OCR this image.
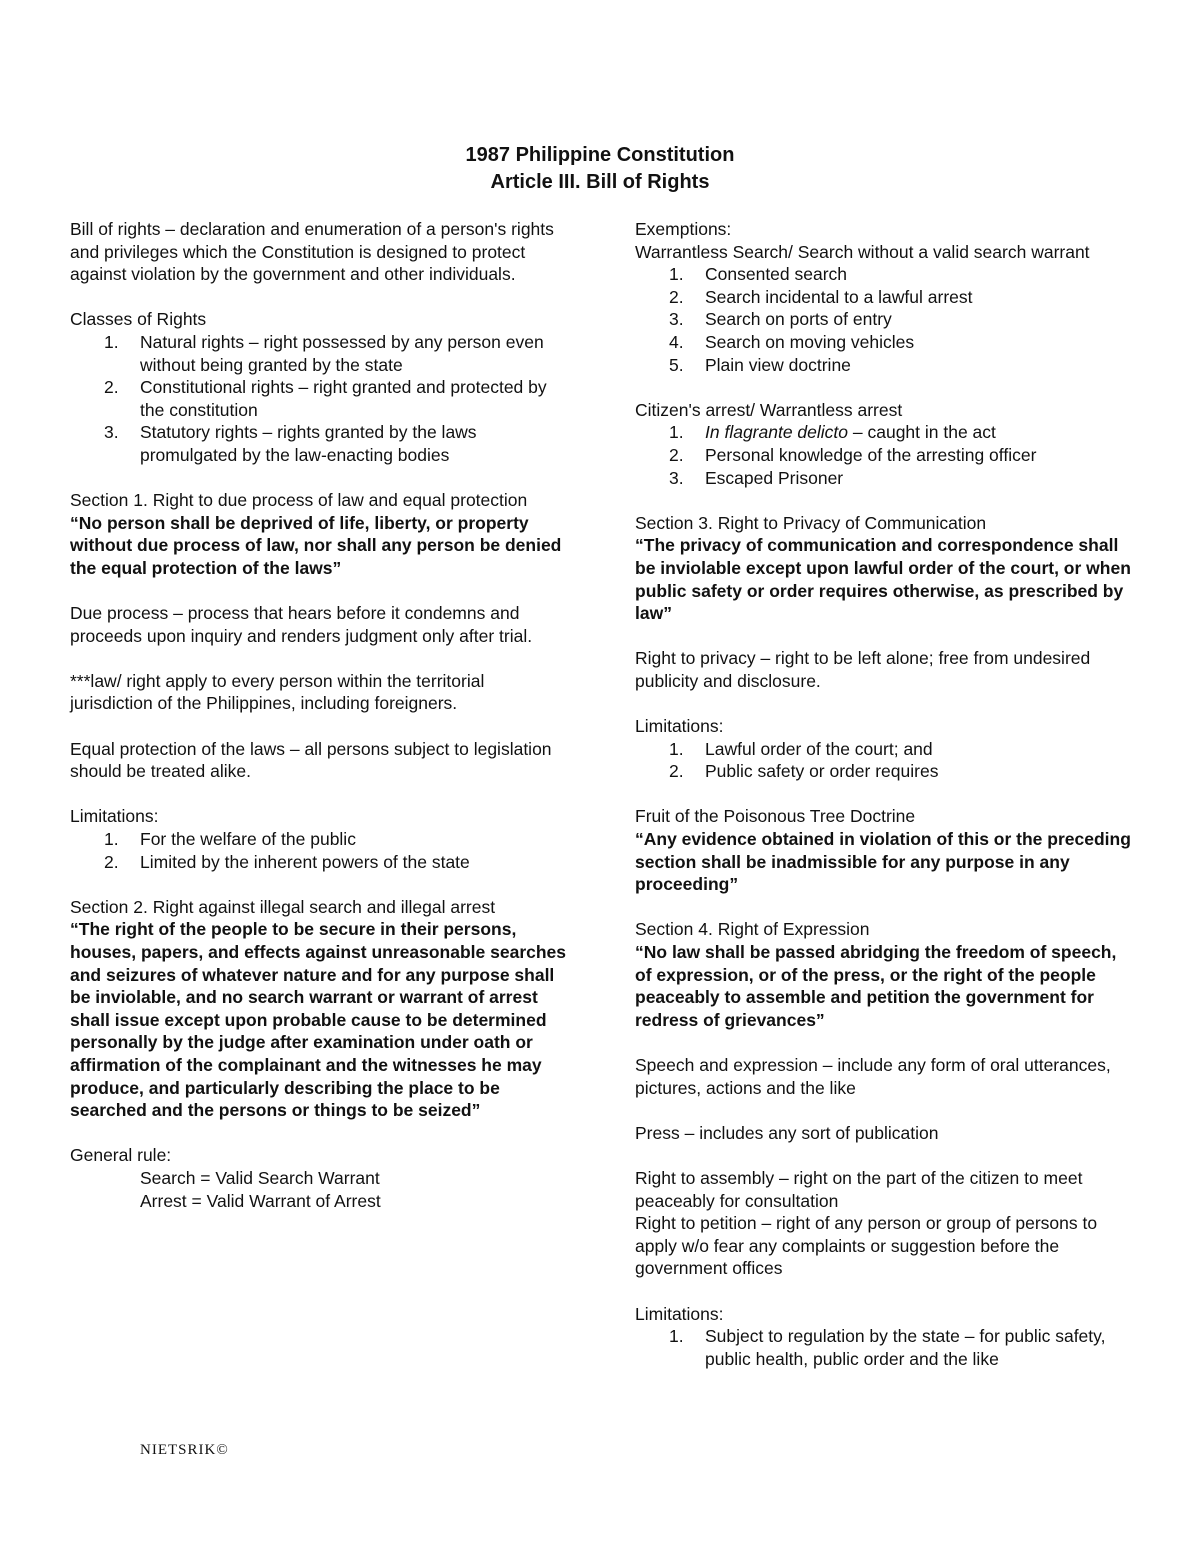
1987 Philippine Constitution
Article III. Bill of Rights

Bill of rights – declaration and enumeration of a person's rights and privileges which the Constitution is designed to protect against violation by the government and other individuals.

Classes of Rights

1. Natural rights – right possessed by any person even without being granted by the state
2. Constitutional rights – right granted and protected by the constitution
3. Statutory rights – rights granted by the laws promulgated by the law-enacting bodies

Section 1. Right to due process of law and equal protection

“No person shall be deprived of life, liberty, or property without due process of law, nor shall any person be denied the equal protection of the laws”

Due process – process that hears before it condemns and proceeds upon inquiry and renders judgment only after trial.

***law/ right apply to every person within the territorial jurisdiction of the Philippines, including foreigners.

Equal protection of the laws – all persons subject to legislation should be treated alike.

Limitations:

1. For the welfare of the public
2. Limited by the inherent powers of the state

Section 2. Right against illegal search and illegal arrest

“The right of the people to be secure in their persons, houses, papers, and effects against unreasonable searches and seizures of whatever nature and for any purpose shall be inviolable, and no search warrant or warrant of arrest shall issue except upon probable cause to be determined personally by the judge after examination under oath or affirmation of the complainant and the witnesses he may produce, and particularly describing the place to be searched and the persons or things to be seized”

General rule:

Search = Valid Search Warrant

Arrest = Valid Warrant of Arrest

Exemptions:

Warrantless Search/ Search without a valid search warrant

1. Consented search
2. Search incidental to a lawful arrest
3. Search on ports of entry
4. Search on moving vehicles
5. Plain view doctrine

Citizen's arrest/ Warrantless arrest

1. In flagrante delicto – caught in the act
2. Personal knowledge of the arresting officer
3. Escaped Prisoner

Section 3. Right to Privacy of Communication

“The privacy of communication and correspondence shall be inviolable except upon lawful order of the court, or when public safety or order requires otherwise, as prescribed by law”

Right to privacy – right to be left alone; free from undesired publicity and disclosure.

Limitations:

1. Lawful order of the court; and
2. Public safety or order requires

Fruit of the Poisonous Tree Doctrine

“Any evidence obtained in violation of this or the preceding section shall be inadmissible for any purpose in any proceeding”

Section 4. Right of Expression

“No law shall be passed abridging the freedom of speech, of expression, or of the press, or the right of the people peaceably to assemble and petition the government for redress of grievances”

Speech and expression – include any form of oral utterances, pictures, actions and the like

Press – includes any sort of publication

Right to assembly – right on the part of the citizen to meet peaceably for consultation

Right to petition – right of any person or group of persons to apply w/o fear any complaints or suggestion before the government offices

Limitations:

1. Subject to regulation by the state – for public safety, public health, public order and the like
NIETSRIK©
